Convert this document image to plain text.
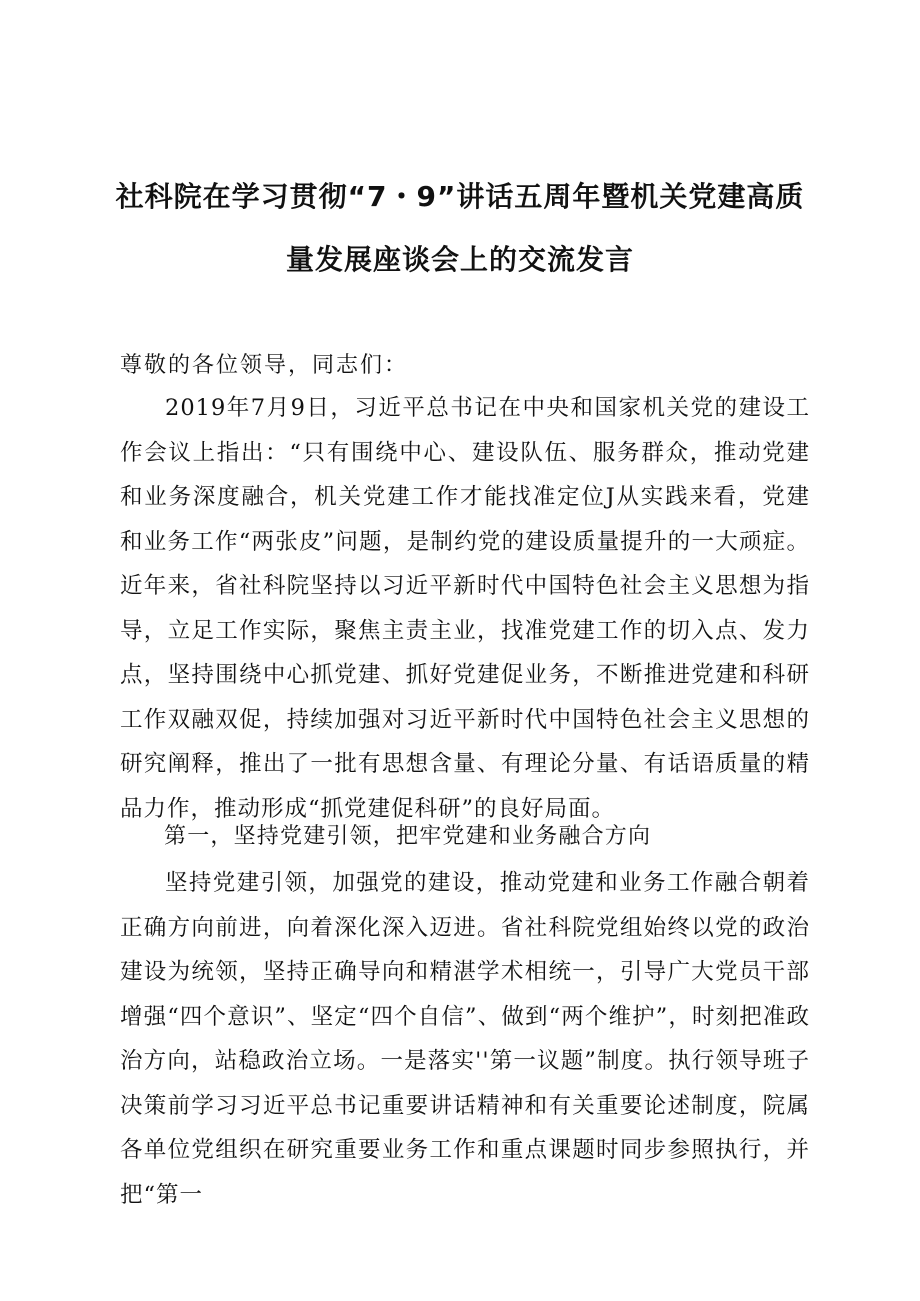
社科院在学习贯彻“7・9”讲话五周年暨机关党建高质
量发展座谈会上的交流发言

尊敬的各位领导，同志们：

2019年7月9日，习近平总书记在中央和国家机关党的建设工作会议上指出：“只有围绕中心、建设队伍、服务群众，推动党建和业务深度融合，机关党建工作才能找准定位J从实践来看，党建和业务工作“两张皮”问题，是制约党的建设质量提升的一大顽症。近年来，省社科院坚持以习近平新时代中国特色社会主义思想为指导，立足工作实际，聚焦主责主业，找准党建工作的切入点、发力点，坚持围绕中心抓党建、抓好党建促业务，不断推进党建和科研工作双融双促，持续加强对习近平新时代中国特色社会主义思想的研究阐释，推出了一批有思想含量、有理论分量、有话语质量的精品力作，推动形成“抓党建促科研”的良好局面。

第一，坚持党建引领，把牢党建和业务融合方向

坚持党建引领，加强党的建设，推动党建和业务工作融合朝着正确方向前进，向着深化深入迈进。省社科院党组始终以党的政治建设为统领，坚持正确导向和精湛学术相统一，引导广大党员干部增强“四个意识”、坚定“四个自信”、做到“两个维护”，时刻把准政治方向，站稳政治立场。一是落实''第一议题”制度。执行领导班子决策前学习习近平总书记重要讲话精神和有关重要论述制度，院属各单位党组织在研究重要业务工作和重点课题时同步参照执行，并把“第一
